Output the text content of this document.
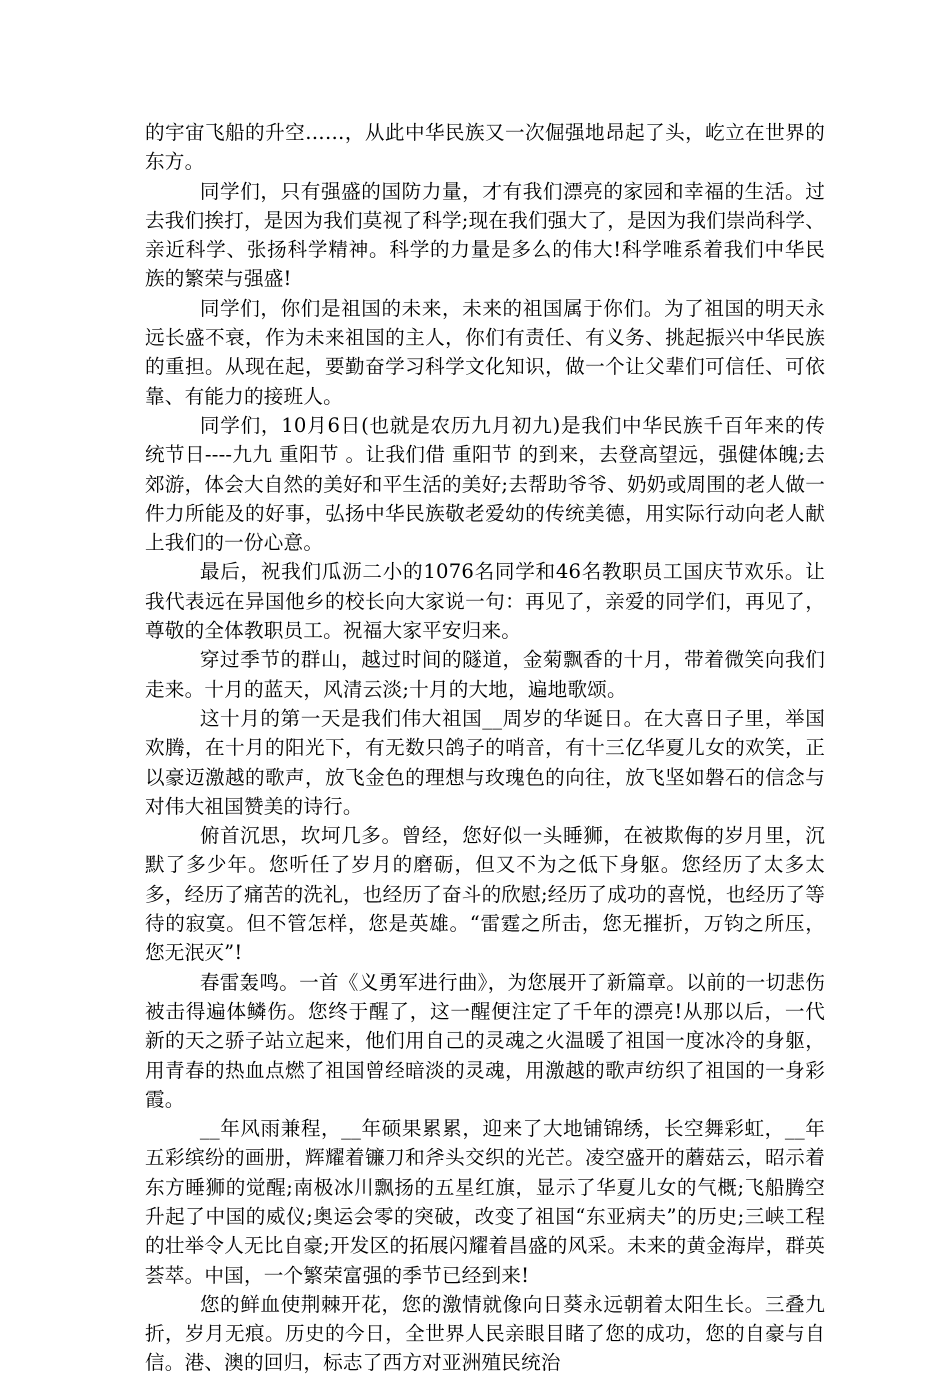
的宇宙飞船的升空……，从此中华民族又一次倔强地昂起了头，屹立在世界的东方。

同学们，只有强盛的国防力量，才有我们漂亮的家园和幸福的生活。过去我们挨打，是因为我们莫视了科学;现在我们强大了，是因为我们崇尚科学、亲近科学、张扬科学精神。科学的力量是多么的伟大!科学唯系着我们中华民族的繁荣与强盛!

同学们，你们是祖国的未来，未来的祖国属于你们。为了祖国的明天永远长盛不衰，作为未来祖国的主人，你们有责任、有义务、挑起振兴中华民族的重担。从现在起，要勤奋学习科学文化知识，做一个让父辈们可信任、可依靠、有能力的接班人。

同学们，10月6日(也就是农历九月初九)是我们中华民族千百年来的传统节日----九九 重阳节 。让我们借 重阳节 的到来，去登高望远，强健体魄;去郊游，体会大自然的美好和平生活的美好;去帮助爷爷、奶奶或周围的老人做一件力所能及的好事，弘扬中华民族敬老爱幼的传统美德，用实际行动向老人献上我们的一份心意。

最后，祝我们瓜沥二小的1076名同学和46名教职员工国庆节欢乐。让我代表远在异国他乡的校长向大家说一句：再见了，亲爱的同学们，再见了，尊敬的全体教职员工。祝福大家平安归来。

穿过季节的群山，越过时间的隧道，金菊飘香的十月，带着微笑向我们走来。十月的蓝天，风清云淡;十月的大地，遍地歌颂。

这十月的第一天是我们伟大祖国__周岁的华诞日。在大喜日子里，举国欢腾，在十月的阳光下，有无数只鸽子的哨音，有十三亿华夏儿女的欢笑，正以豪迈激越的歌声，放飞金色的理想与玫瑰色的向往，放飞坚如磐石的信念与对伟大祖国赞美的诗行。

俯首沉思，坎坷几多。曾经，您好似一头睡狮，在被欺侮的岁月里，沉默了多少年。您听任了岁月的磨砺，但又不为之低下身躯。您经历了太多太多，经历了痛苦的洗礼，也经历了奋斗的欣慰;经历了成功的喜悦，也经历了等待的寂寞。但不管怎样，您是英雄。“雷霆之所击，您无摧折，万钧之所压，您无泯灭”!

春雷轰鸣。一首《义勇军进行曲》，为您展开了新篇章。以前的一切悲伤被击得遍体鳞伤。您终于醒了，这一醒便注定了千年的漂亮!从那以后，一代新的天之骄子站立起来，他们用自己的灵魂之火温暖了祖国一度冰冷的身躯，用青春的热血点燃了祖国曾经暗淡的灵魂，用激越的歌声纺织了祖国的一身彩霞。

__年风雨兼程，__年硕果累累，迎来了大地铺锦绣，长空舞彩虹，__年五彩缤纷的画册，辉耀着镰刀和斧头交织的光芒。凌空盛开的蘑菇云，昭示着东方睡狮的觉醒;南极冰川飘扬的五星红旗，显示了华夏儿女的气概;飞船腾空升起了中国的威仪;奥运会零的突破，改变了祖国“东亚病夫”的历史;三峡工程的壮举令人无比自豪;开发区的拓展闪耀着昌盛的风采。未来的黄金海岸，群英荟萃。中国，一个繁荣富强的季节已经到来!

您的鲜血使荆棘开花，您的激情就像向日葵永远朝着太阳生长。三叠九折，岁月无痕。历史的今日，全世界人民亲眼目睹了您的成功，您的自豪与自信。港、澳的回归，标志了西方对亚洲殖民统治
